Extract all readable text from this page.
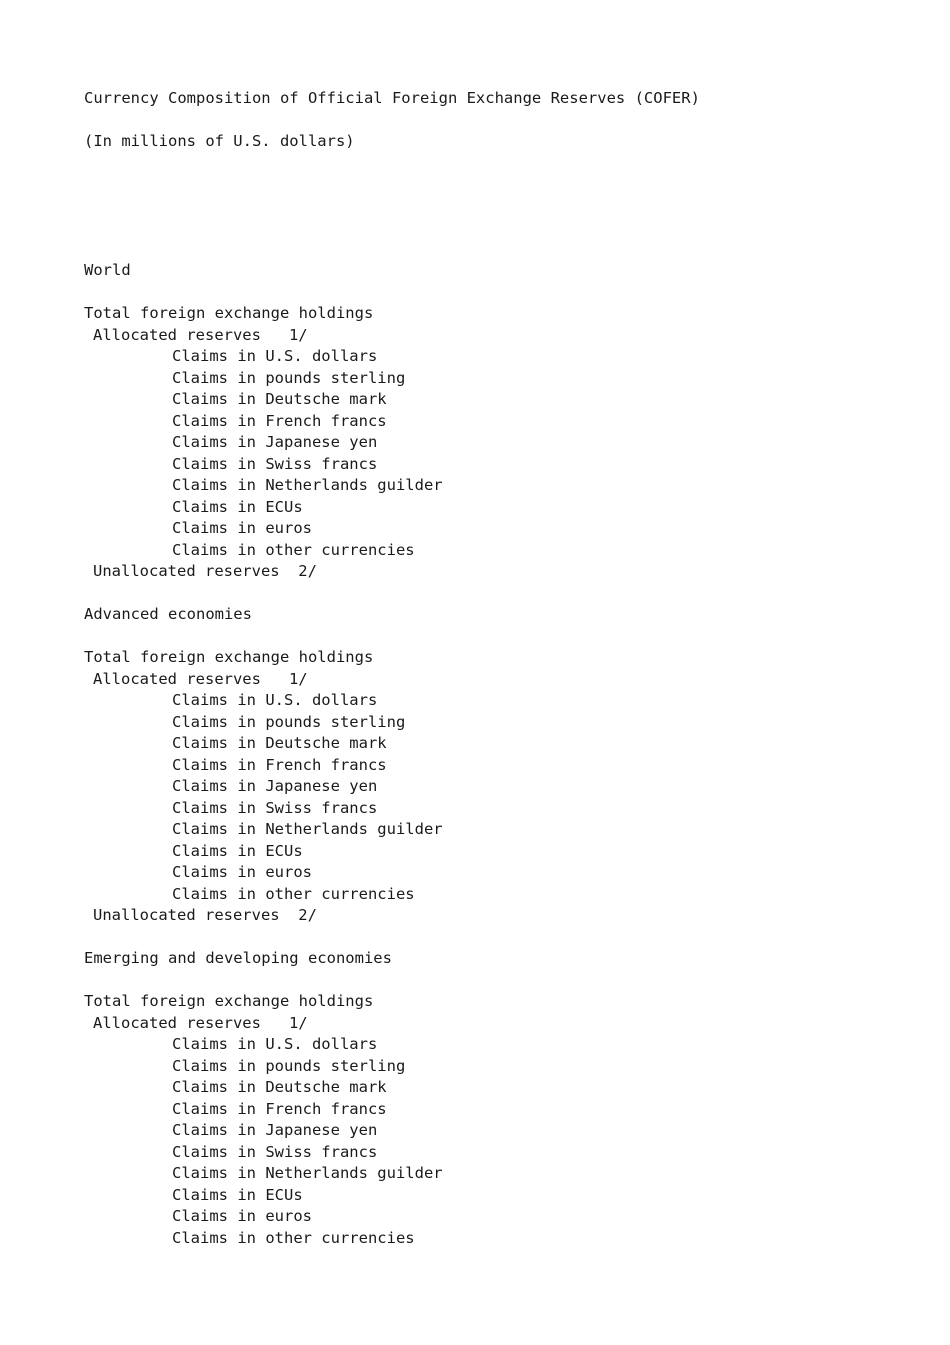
Currency Composition of Official Foreign Exchange Reserves (COFER)
(In millions of U.S. dollars)
World
Total foreign exchange holdings
Allocated reserves   1/
Claims in U.S. dollars
Claims in pounds sterling
Claims in Deutsche mark
Claims in French francs
Claims in Japanese yen
Claims in Swiss francs
Claims in Netherlands guilder
Claims in ECUs
Claims in euros
Claims in other currencies
Unallocated reserves  2/
Advanced economies
Total foreign exchange holdings
Allocated reserves   1/
Claims in U.S. dollars
Claims in pounds sterling
Claims in Deutsche mark
Claims in French francs
Claims in Japanese yen
Claims in Swiss francs
Claims in Netherlands guilder
Claims in ECUs
Claims in euros
Claims in other currencies
Unallocated reserves  2/
Emerging and developing economies
Total foreign exchange holdings
Allocated reserves   1/
Claims in U.S. dollars
Claims in pounds sterling
Claims in Deutsche mark
Claims in French francs
Claims in Japanese yen
Claims in Swiss francs
Claims in Netherlands guilder
Claims in ECUs
Claims in euros
Claims in other currencies
